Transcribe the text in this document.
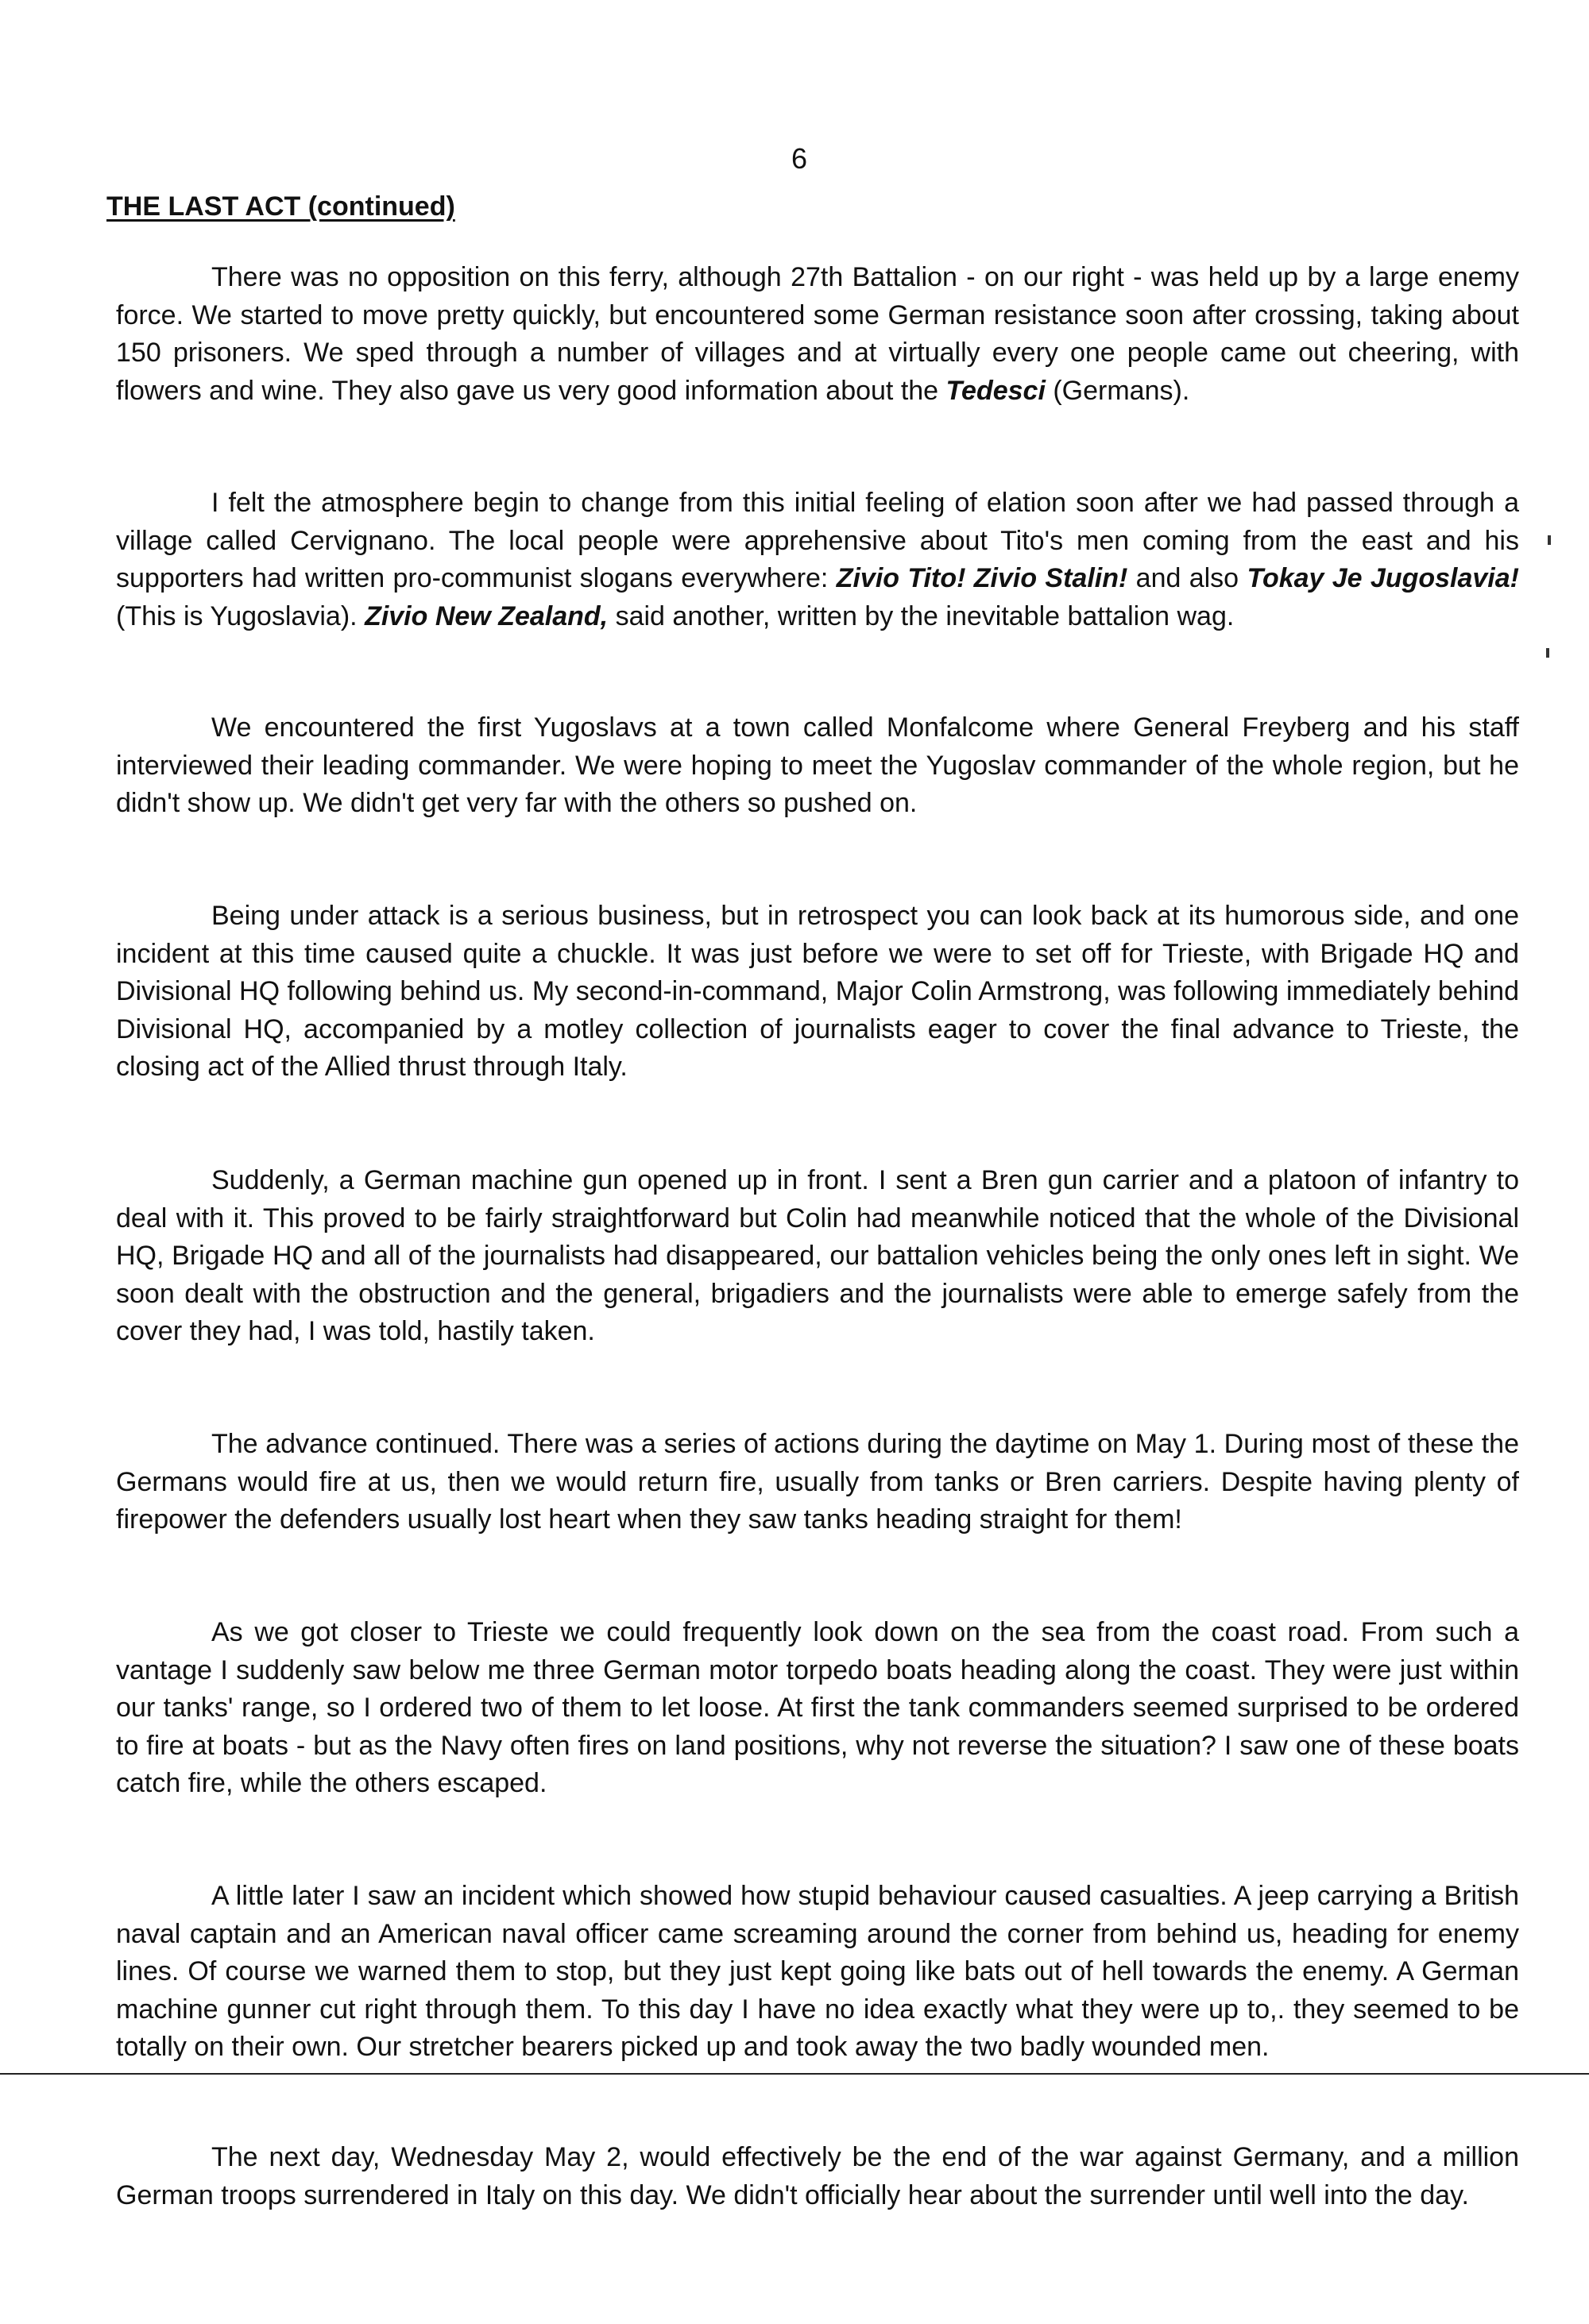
6
THE LAST ACT (continued)

There was no opposition on this ferry, although 27th Battalion - on our right - was held up by a large enemy force. We started to move pretty quickly, but encountered some German resistance soon after crossing, taking about 150 prisoners. We sped through a number of villages and at virtually every one people came out cheering, with flowers and wine. They also gave us very good information about the Tedesci (Germans).

I felt the atmosphere begin to change from this initial feeling of elation soon after we had passed through a village called Cervignano. The local people were apprehensive about Tito's men coming from the east and his supporters had written pro-communist slogans everywhere: Zivio Tito! Zivio Stalin! and also Tokay Je Jugoslavia! (This is Yugoslavia). Zivio New Zealand, said another, written by the inevitable battalion wag.

We encountered the first Yugoslavs at a town called Monfalcome where General Freyberg and his staff interviewed their leading commander. We were hoping to meet the Yugoslav commander of the whole region, but he didn't show up. We didn't get very far with the others so pushed on.

Being under attack is a serious business, but in retrospect you can look back at its humorous side, and one incident at this time caused quite a chuckle. It was just before we were to set off for Trieste, with Brigade HQ and Divisional HQ following behind us. My second-in-command, Major Colin Armstrong, was following immediately behind Divisional HQ, accompanied by a motley collection of journalists eager to cover the final advance to Trieste, the closing act of the Allied thrust through Italy.

Suddenly, a German machine gun opened up in front. I sent a Bren gun carrier and a platoon of infantry to deal with it. This proved to be fairly straightforward but Colin had meanwhile noticed that the whole of the Divisional HQ, Brigade HQ and all of the journalists had disappeared, our battalion vehicles being the only ones left in sight. We soon dealt with the obstruction and the general, brigadiers and the journalists were able to emerge safely from the cover they had, I was told, hastily taken.

The advance continued. There was a series of actions during the daytime on May 1. During most of these the Germans would fire at us, then we would return fire, usually from tanks or Bren carriers. Despite having plenty of firepower the defenders usually lost heart when they saw tanks heading straight for them!

As we got closer to Trieste we could frequently look down on the sea from the coast road. From such a vantage I suddenly saw below me three German motor torpedo boats heading along the coast. They were just within our tanks' range, so I ordered two of them to let loose. At first the tank commanders seemed surprised to be ordered to fire at boats - but as the Navy often fires on land positions, why not reverse the situation? I saw one of these boats catch fire, while the others escaped.

A little later I saw an incident which showed how stupid behaviour caused casualties. A jeep carrying a British naval captain and an American naval officer came screaming around the corner from behind us, heading for enemy lines. Of course we warned them to stop, but they just kept going like bats out of hell towards the enemy. A German machine gunner cut right through them. To this day I have no idea exactly what they were up to,. they seemed to be totally on their own. Our stretcher bearers picked up and took away the two badly wounded men.

The next day, Wednesday May 2, would effectively be the end of the war against Germany, and a million German troops surrendered in Italy on this day. We didn't officially hear about the surrender until well into the day.
